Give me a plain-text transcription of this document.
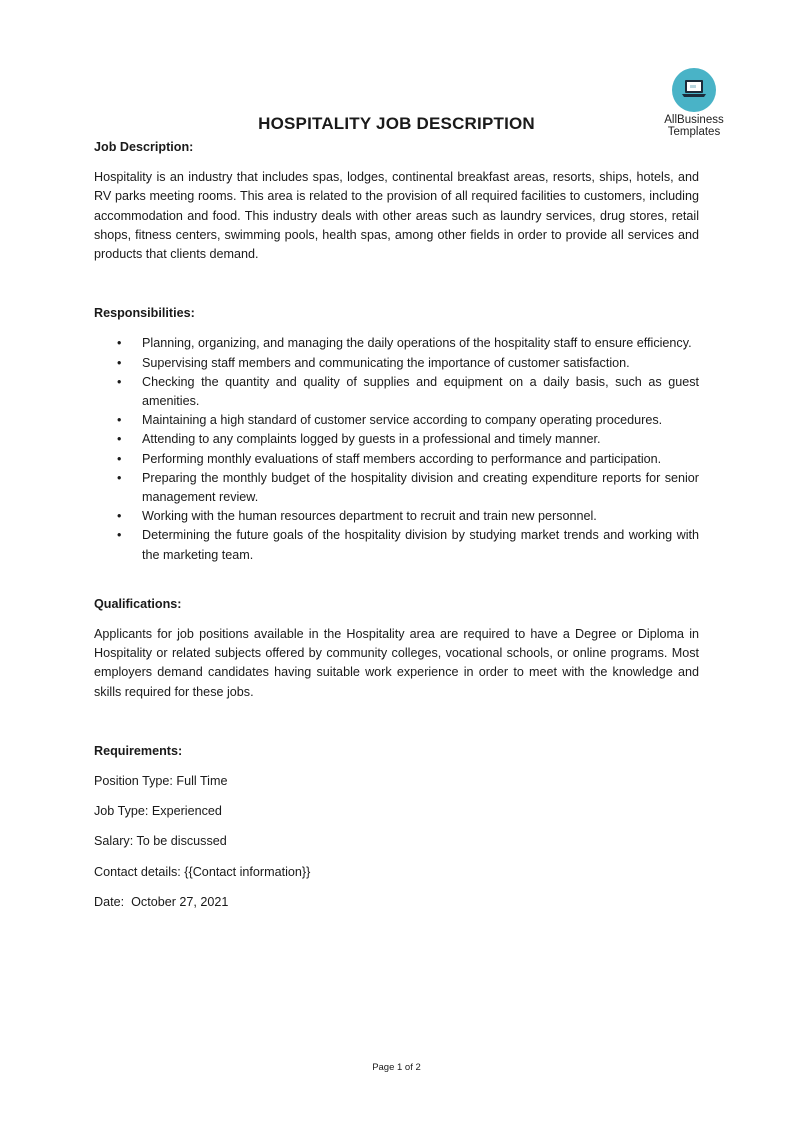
AllBusiness
Templates
HOSPITALITY JOB DESCRIPTION

Job Description:

Hospitality is an industry that includes spas, lodges, continental breakfast areas, resorts, ships, hotels, and RV parks meeting rooms. This area is related to the provision of all required facilities to customers, including accommodation and food. This industry deals with other areas such as laundry services, drug stores, retail shops, fitness centers, swimming pools, health spas, among other fields in order to provide all services and products that clients demand.

Responsibilities:

• Planning, organizing, and managing the daily operations of the hospitality staff to ensure efficiency.
• Supervising staff members and communicating the importance of customer satisfaction.
• Checking the quantity and quality of supplies and equipment on a daily basis, such as guest amenities.
• Maintaining a high standard of customer service according to company operating procedures.
• Attending to any complaints logged by guests in a professional and timely manner.
• Performing monthly evaluations of staff members according to performance and participation.
• Preparing the monthly budget of the hospitality division and creating expenditure reports for senior management review.
• Working with the human resources department to recruit and train new personnel.
• Determining the future goals of the hospitality division by studying market trends and working with the marketing team.

Qualifications:

Applicants for job positions available in the Hospitality area are required to have a Degree or Diploma in Hospitality or related subjects offered by community colleges, vocational schools, or online programs. Most employers demand candidates having suitable work experience in order to meet with the knowledge and skills required for these jobs.

Requirements:

Position Type: Full Time

Job Type: Experienced

Salary: To be discussed

Contact details: {{Contact information}}

Date:  October 27, 2021

Page 1 of 2
